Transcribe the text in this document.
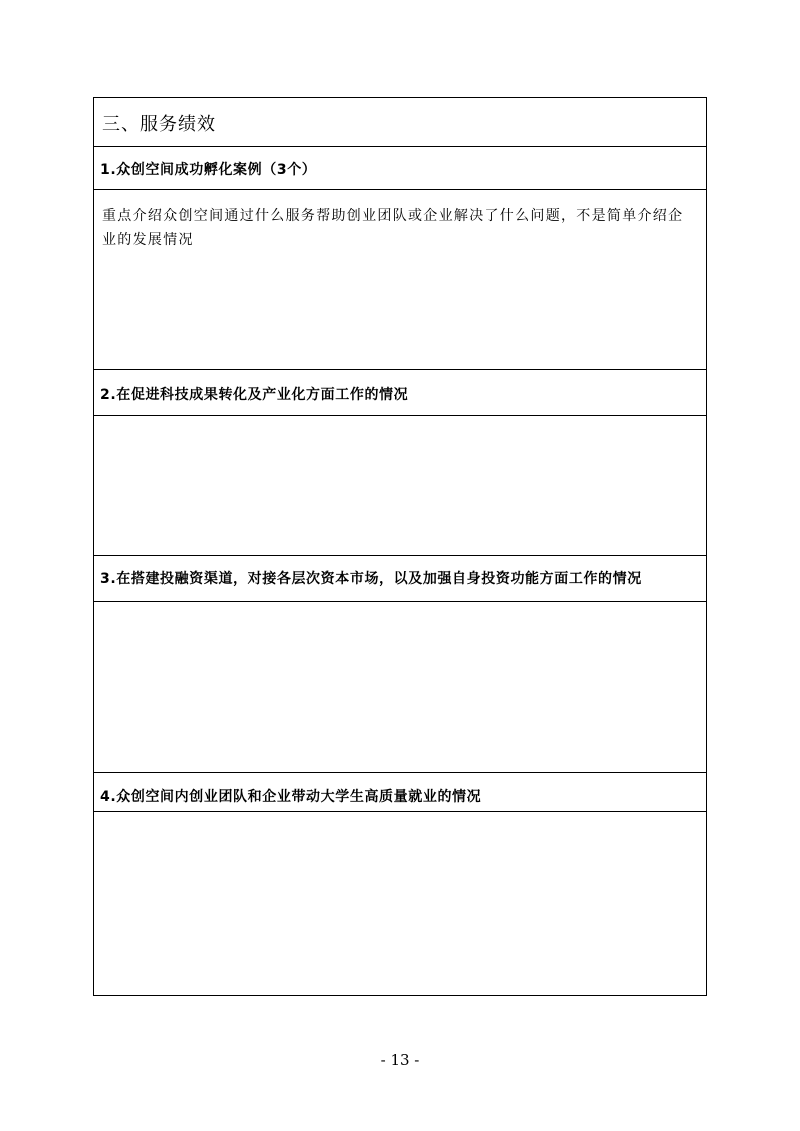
三、服务绩效
1.众创空间成功孵化案例（3个）
重点介绍众创空间通过什么服务帮助创业团队或企业解决了什么问题，不是简单介绍企业的发展情况
2.在促进科技成果转化及产业化方面工作的情况
3.在搭建投融资渠道，对接各层次资本市场，以及加强自身投资功能方面工作的情况
4.众创空间内创业团队和企业带动大学生高质量就业的情况
- 13 -
